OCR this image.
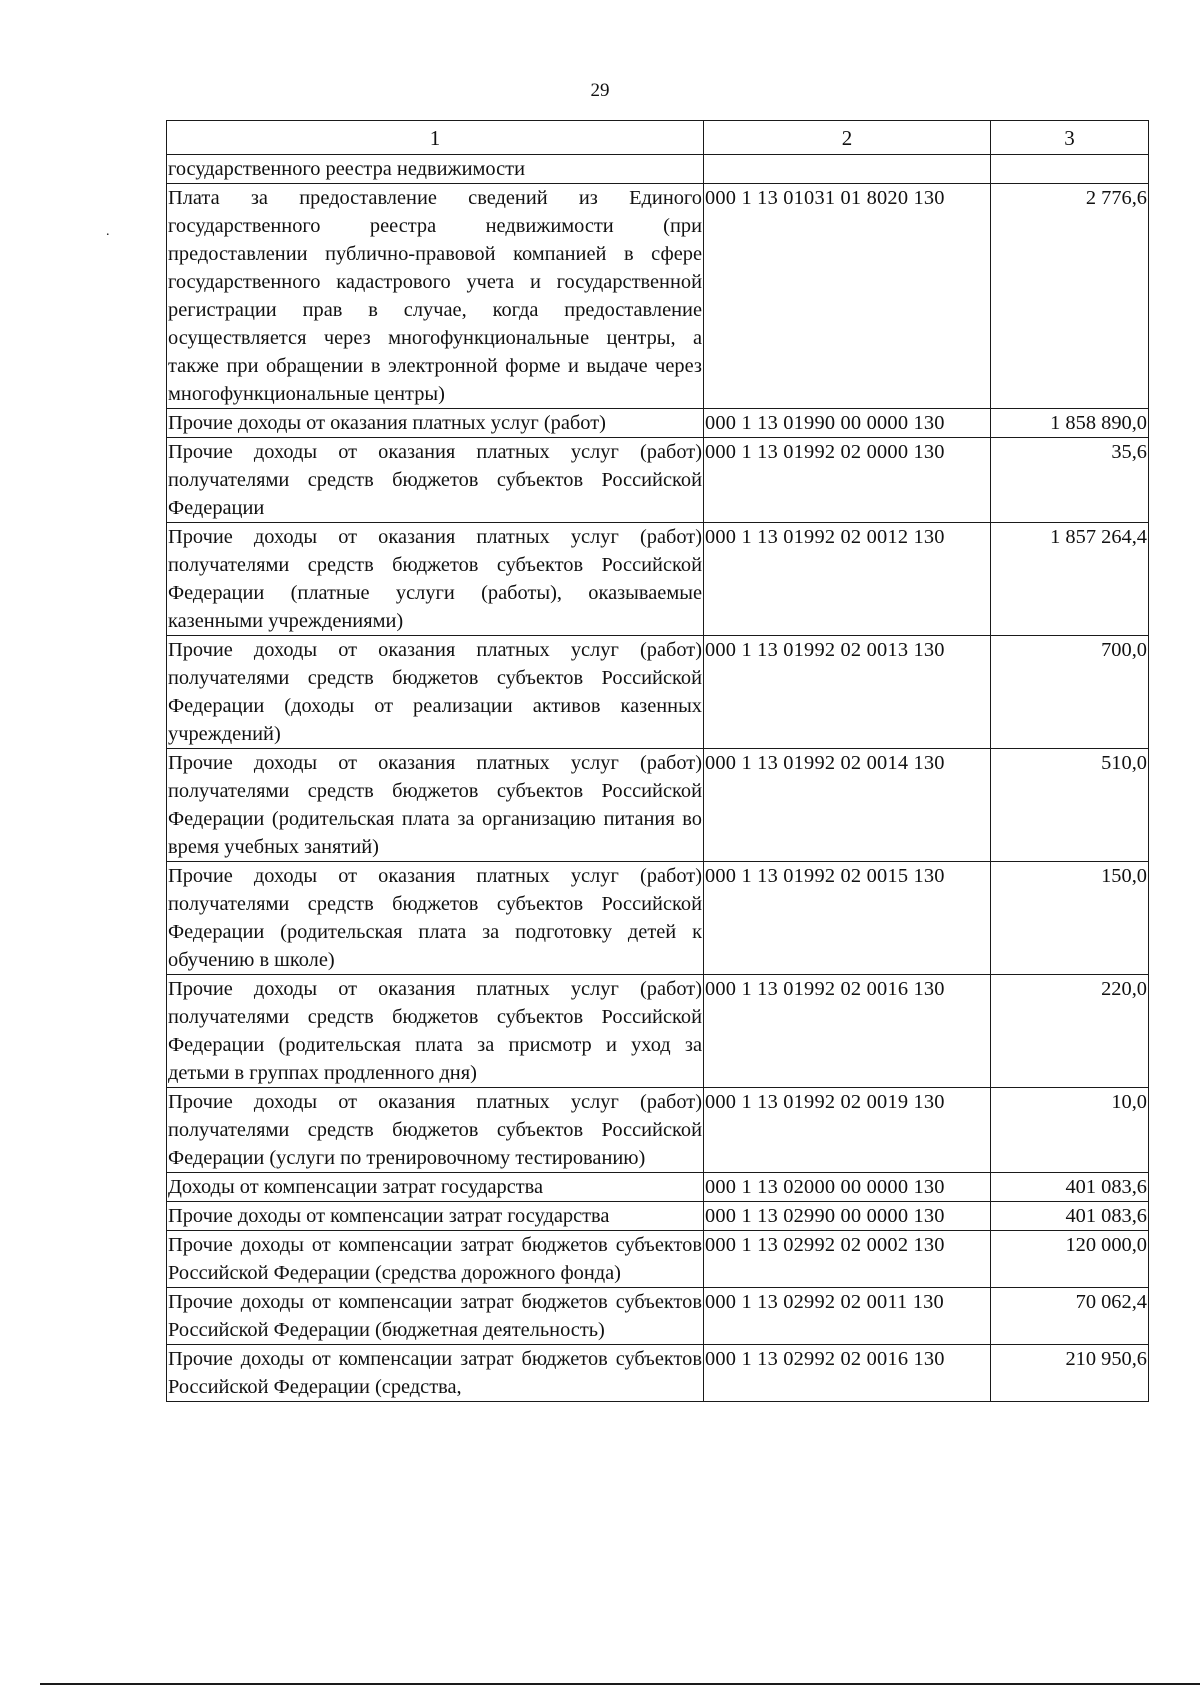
29
.
1	2	3
государственного реестра недвижимости		
Плата за предоставление сведений из Единого государственного реестра недвижимости (при предоставлении публично-правовой компанией в сфере государственного кадастрового учета и государственной регистрации прав в случае, когда предоставление осуществляется через многофункциональные центры, а также при обращении в электронной форме и выдаче через многофункциональные центры)	000 1 13 01031 01 8020 130	2 776,6
Прочие доходы от оказания платных услуг (работ)	000 1 13 01990 00 0000 130	1 858 890,0
Прочие доходы от оказания платных услуг (работ) получателями средств бюджетов субъектов Российской Федерации	000 1 13 01992 02 0000 130	35,6
Прочие доходы от оказания платных услуг (работ) получателями средств бюджетов субъектов Российской Федерации (платные услуги (работы), оказываемые казенными учреждениями)	000 1 13 01992 02 0012 130	1 857 264,4
Прочие доходы от оказания платных услуг (работ) получателями средств бюджетов субъектов Российской Федерации (доходы от реализации активов казенных учреждений)	000 1 13 01992 02 0013 130	700,0
Прочие доходы от оказания платных услуг (работ) получателями средств бюджетов субъектов Российской Федерации (родительская плата за организацию питания во время учебных занятий)	000 1 13 01992 02 0014 130	510,0
Прочие доходы от оказания платных услуг (работ) получателями средств бюджетов субъектов Российской Федерации (родительская плата за подготовку детей к обучению в школе)	000 1 13 01992 02 0015 130	150,0
Прочие доходы от оказания платных услуг (работ) получателями средств бюджетов субъектов Российской Федерации (родительская плата за присмотр и уход за детьми в группах продленного дня)	000 1 13 01992 02 0016 130	220,0
Прочие доходы от оказания платных услуг (работ) получателями средств бюджетов субъектов Российской Федерации (услуги по тренировочному тестированию)	000 1 13 01992 02 0019 130	10,0
Доходы от компенсации затрат государства	000 1 13 02000 00 0000 130	401 083,6
Прочие доходы от компенсации затрат государства	000 1 13 02990 00 0000 130	401 083,6
Прочие доходы от компенсации затрат бюджетов субъектов Российской Федерации (средства дорожного фонда)	000 1 13 02992 02 0002 130	120 000,0
Прочие доходы от компенсации затрат бюджетов субъектов Российской Федерации (бюджетная деятельность)	000 1 13 02992 02 0011 130	70 062,4
Прочие доходы от компенсации затрат бюджетов субъектов Российской Федерации (средства,	000 1 13 02992 02 0016 130	210 950,6
